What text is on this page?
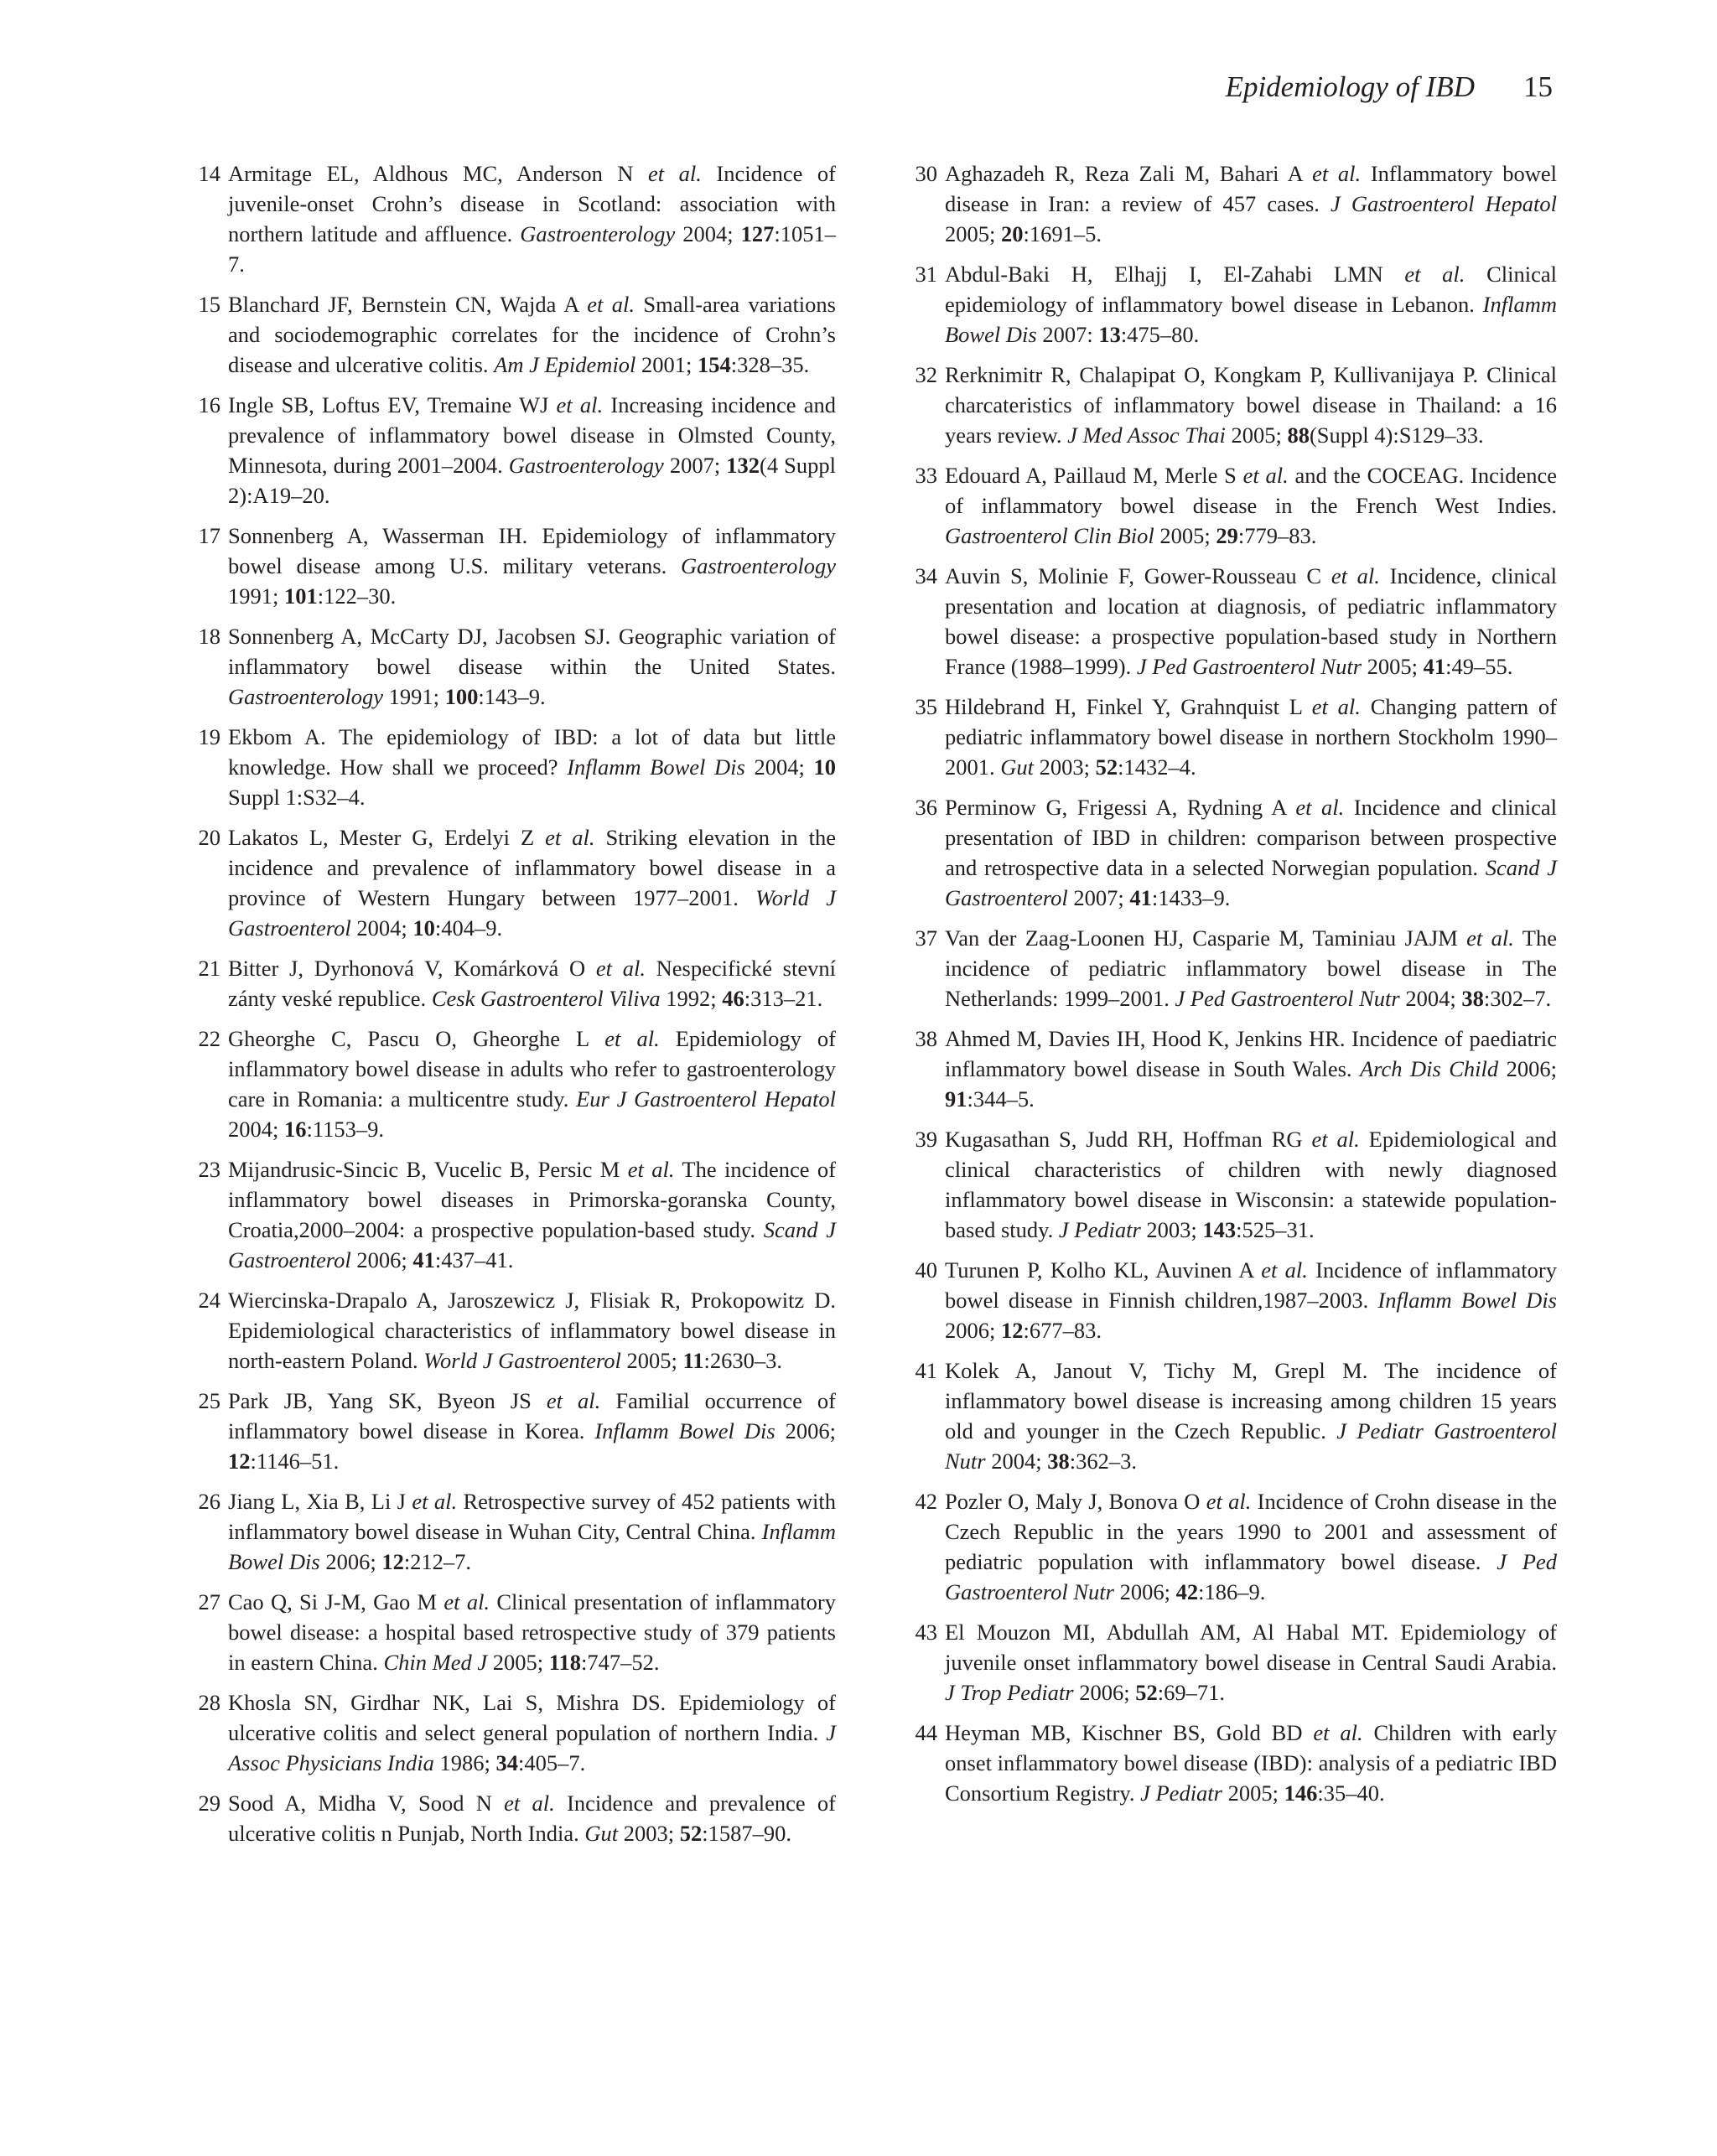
Epidemiology of IBD 15
14 Armitage EL, Aldhous MC, Anderson N et al. Incidence of juvenile-onset Crohn’s disease in Scotland: association with northern latitude and affluence. Gastroenterology 2004; 127:1051–7.
15 Blanchard JF, Bernstein CN, Wajda A et al. Small-area variations and sociodemographic correlates for the incidence of Crohn’s disease and ulcerative colitis. Am J Epidemiol 2001; 154:328–35.
16 Ingle SB, Loftus EV, Tremaine WJ et al. Increasing incidence and prevalence of inflammatory bowel disease in Olmsted County, Minnesota, during 2001–2004. Gastroenterology 2007; 132(4 Suppl 2):A19–20.
17 Sonnenberg A, Wasserman IH. Epidemiology of inflammatory bowel disease among U.S. military veterans. Gastroenterology 1991; 101:122–30.
18 Sonnenberg A, McCarty DJ, Jacobsen SJ. Geographic variation of inflammatory bowel disease within the United States. Gastroenterology 1991; 100:143–9.
19 Ekbom A. The epidemiology of IBD: a lot of data but little knowledge. How shall we proceed? Inflamm Bowel Dis 2004; 10 Suppl 1:S32–4.
20 Lakatos L, Mester G, Erdelyi Z et al. Striking elevation in the incidence and prevalence of inflammatory bowel disease in a province of Western Hungary between 1977–2001. World J Gastroenterol 2004; 10:404–9.
21 Bitter J, Dyrhonová V, Komárková O et al. Nespecifické stevní zánty veské republice. Cesk Gastroenterol Viliva 1992; 46:313–21.
22 Gheorghe C, Pascu O, Gheorghe L et al. Epidemiology of inflammatory bowel disease in adults who refer to gastroenterology care in Romania: a multicentre study. Eur J Gastroenterol Hepatol 2004; 16:1153–9.
23 Mijandrusic-Sincic B, Vucelic B, Persic M et al. The incidence of inflammatory bowel diseases in Primorska-goranska County, Croatia,2000–2004: a prospective population-based study. Scand J Gastroenterol 2006; 41:437–41.
24 Wiercinska-Drapalo A, Jaroszewicz J, Flisiak R, Prokopowitz D. Epidemiological characteristics of inflammatory bowel disease in north-eastern Poland. World J Gastroenterol 2005; 11:2630–3.
25 Park JB, Yang SK, Byeon JS et al. Familial occurrence of inflammatory bowel disease in Korea. Inflamm Bowel Dis 2006; 12:1146–51.
26 Jiang L, Xia B, Li J et al. Retrospective survey of 452 patients with inflammatory bowel disease in Wuhan City, Central China. Inflamm Bowel Dis 2006; 12:212–7.
27 Cao Q, Si J-M, Gao M et al. Clinical presentation of inflammatory bowel disease: a hospital based retrospective study of 379 patients in eastern China. Chin Med J 2005; 118:747–52.
28 Khosla SN, Girdhar NK, Lai S, Mishra DS. Epidemiology of ulcerative colitis and select general population of northern India. J Assoc Physicians India 1986; 34:405–7.
29 Sood A, Midha V, Sood N et al. Incidence and prevalence of ulcerative colitis n Punjab, North India. Gut 2003; 52:1587–90.
30 Aghazadeh R, Reza Zali M, Bahari A et al. Inflammatory bowel disease in Iran: a review of 457 cases. J Gastroenterol Hepatol 2005; 20:1691–5.
31 Abdul-Baki H, Elhajj I, El-Zahabi LMN et al. Clinical epidemiology of inflammatory bowel disease in Lebanon. Inflamm Bowel Dis 2007: 13:475–80.
32 Rerknimitr R, Chalapipat O, Kongkam P, Kullivanijaya P. Clinical charcateristics of inflammatory bowel disease in Thailand: a 16 years review. J Med Assoc Thai 2005; 88(Suppl 4):S129–33.
33 Edouard A, Paillaud M, Merle S et al. and the COCEAG. Incidence of inflammatory bowel disease in the French West Indies. Gastroenterol Clin Biol 2005; 29:779–83.
34 Auvin S, Molinie F, Gower-Rousseau C et al. Incidence, clinical presentation and location at diagnosis, of pediatric inflammatory bowel disease: a prospective population-based study in Northern France (1988–1999). J Ped Gastroenterol Nutr 2005; 41:49–55.
35 Hildebrand H, Finkel Y, Grahnquist L et al. Changing pattern of pediatric inflammatory bowel disease in northern Stockholm 1990–2001. Gut 2003; 52:1432–4.
36 Perminow G, Frigessi A, Rydning A et al. Incidence and clinical presentation of IBD in children: comparison between prospective and retrospective data in a selected Norwegian population. Scand J Gastroenterol 2007; 41:1433–9.
37 Van der Zaag-Loonen HJ, Casparie M, Taminiau JAJM et al. The incidence of pediatric inflammatory bowel disease in The Netherlands: 1999–2001. J Ped Gastroenterol Nutr 2004; 38:302–7.
38 Ahmed M, Davies IH, Hood K, Jenkins HR. Incidence of paediatric inflammatory bowel disease in South Wales. Arch Dis Child 2006; 91:344–5.
39 Kugasathan S, Judd RH, Hoffman RG et al. Epidemiological and clinical characteristics of children with newly diagnosed inflammatory bowel disease in Wisconsin: a statewide population-based study. J Pediatr 2003; 143:525–31.
40 Turunen P, Kolho KL, Auvinen A et al. Incidence of inflammatory bowel disease in Finnish children,1987–2003. Inflamm Bowel Dis 2006; 12:677–83.
41 Kolek A, Janout V, Tichy M, Grepl M. The incidence of inflammatory bowel disease is increasing among children 15 years old and younger in the Czech Republic. J Pediatr Gastroenterol Nutr 2004; 38:362–3.
42 Pozler O, Maly J, Bonova O et al. Incidence of Crohn disease in the Czech Republic in the years 1990 to 2001 and assessment of pediatric population with inflammatory bowel disease. J Ped Gastroenterol Nutr 2006; 42:186–9.
43 El Mouzon MI, Abdullah AM, Al Habal MT. Epidemiology of juvenile onset inflammatory bowel disease in Central Saudi Arabia. J Trop Pediatr 2006; 52:69–71.
44 Heyman MB, Kischner BS, Gold BD et al. Children with early onset inflammatory bowel disease (IBD): analysis of a pediatric IBD Consortium Registry. J Pediatr 2005; 146:35–40.
